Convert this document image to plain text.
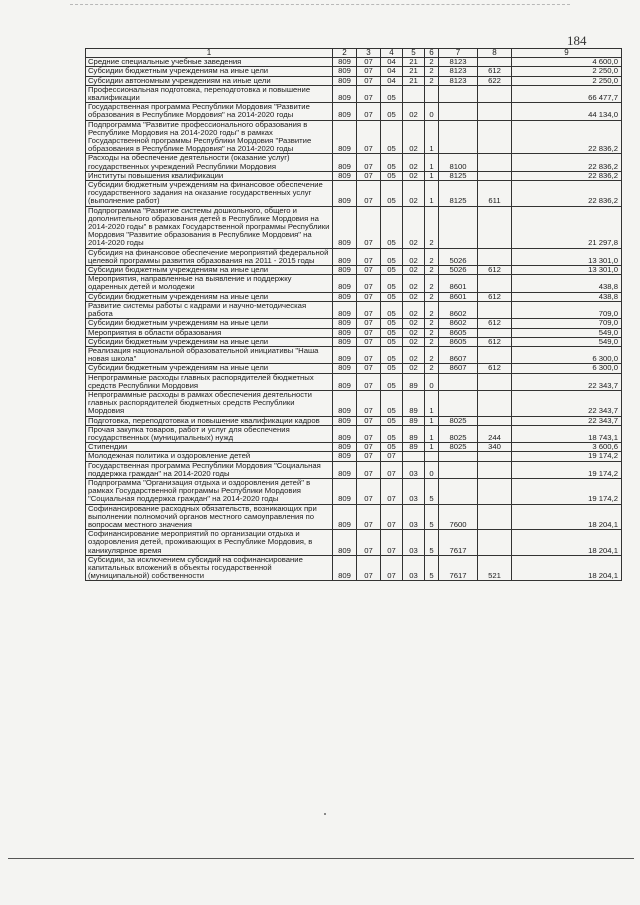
184
1	2	3	4	5	6	7	8	9
Средние специальные учебные заведения	809	07	04	21	2	8123		4 600,0
Субсидии бюджетным учреждениям на иные цели	809	07	04	21	2	8123	612	2 250,0
Субсидии автономным учреждениям на иные цели	809	07	04	21	2	8123	622	2 250,0
Профессиональная подготовка, переподготовка и повышение квалификации	809	07	05					66 477,7
Государственная программа Республики Мордовия "Развитие образования в Республике Мордовия" на 2014-2020 годы	809	07	05	02	0			44 134,0
Подпрограмма "Развитие профессионального образования в Республике Мордовия на 2014-2020 годы" в рамках Государственной программы Республики Мордовия "Развитие образования в Республике Мордовия" на 2014-2020 годы	809	07	05	02	1			22 836,2
Расходы на обеспечение деятельности (оказание услуг) государственных учреждений Республики Мордовия	809	07	05	02	1	8100		22 836,2
Институты повышения квалификации	809	07	05	02	1	8125		22 836,2
Субсидии бюджетным учреждениям на финансовое обеспечение государственного задания на оказание государственных услуг (выполнение работ)	809	07	05	02	1	8125	611	22 836,2
Подпрограмма "Развитие системы дошкольного, общего и дополнительного образования детей в Республике Мордовия на 2014-2020 годы" в рамках Государственной программы Республики Мордовия "Развитие образования в Республике Мордовия" на 2014-2020 годы	809	07	05	02	2			21 297,8
Субсидия на финансовое обеспечение мероприятий федеральной целевой программы развития образования на 2011 - 2015 годы	809	07	05	02	2	5026		13 301,0
Субсидии бюджетным учреждениям на иные цели	809	07	05	02	2	5026	612	13 301,0
Мероприятия, направленные на выявление и поддержку одаренных детей и молодежи	809	07	05	02	2	8601		438,8
Субсидии бюджетным учреждениям на иные цели	809	07	05	02	2	8601	612	438,8
Развитие системы работы с кадрами и научно-методическая работа	809	07	05	02	2	8602		709,0
Субсидии бюджетным учреждениям на иные цели	809	07	05	02	2	8602	612	709,0
Мероприятия в области образования	809	07	05	02	2	8605		549,0
Субсидии бюджетным учреждениям на иные цели	809	07	05	02	2	8605	612	549,0
Реализация национальной образовательной инициативы "Наша новая школа"	809	07	05	02	2	8607		6 300,0
Субсидии бюджетным учреждениям на иные цели	809	07	05	02	2	8607	612	6 300,0
Непрограммные расходы главных распорядителей бюджетных средств Республики Мордовия	809	07	05	89	0			22 343,7
Непрограммные расходы в рамках обеспечения деятельности главных распорядителей бюджетных средств Республики Мордовия	809	07	05	89	1			22 343,7
Подготовка, переподготовка и повышение квалификации кадров	809	07	05	89	1	8025		22 343,7
Прочая закупка товаров, работ и услуг для обеспечения государственных (муниципальных) нужд	809	07	05	89	1	8025	244	18 743,1
Стипендии	809	07	05	89	1	8025	340	3 600,6
Молодежная политика и оздоровление детей	809	07	07					19 174,2
Государственная программа Республики Мордовия "Социальная поддержка граждан" на 2014-2020 годы	809	07	07	03	0			19 174,2
Подпрограмма "Организация отдыха и оздоровления детей" в рамках Государственной программы Республики Мордовия "Социальная поддержка граждан" на 2014-2020 годы	809	07	07	03	5			19 174,2
Софинансирование расходных обязательств, возникающих при выполнении полномочий органов местного самоуправления по вопросам местного значения	809	07	07	03	5	7600		18 204,1
Софинансирование мероприятий по организации отдыха и оздоровления детей, проживающих в Республике Мордовия, в каникулярное время	809	07	07	03	5	7617		18 204,1
Субсидии, за исключением субсидий на софинансирование капитальных вложений в объекты государственной (муниципальной) собственности	809	07	07	03	5	7617	521	18 204,1
